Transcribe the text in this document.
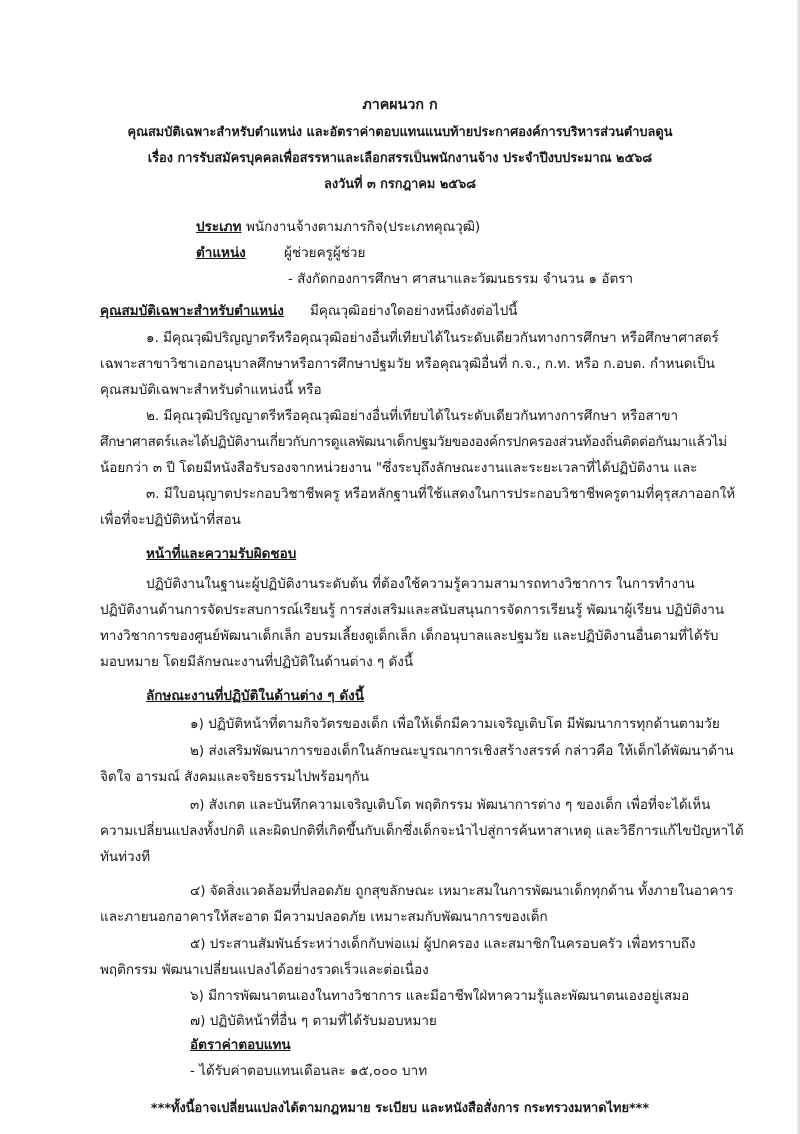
ภาคผนวก ก
คุณสมบัติเฉพาะสำหรับตำแหน่ง และอัตราค่าตอบแทนแนบท้ายประกาศองค์การบริหารส่วนตำบลดูน
เรื่อง การรับสมัครบุคคลเพื่อสรรหาและเลือกสรรเป็นพนักงานจ้าง ประจำปีงบประมาณ ๒๕๖๘
ลงวันที่ ๓ กรกฎาคม ๒๕๖๘
ประเภท พนักงานจ้างตามภารกิจ(ประเภทคุณวุฒิ)
ตำแหน่ง	ผู้ช่วยครูผู้ช่วย
- สังกัดกองการศึกษา ศาสนาและวัฒนธรรม จำนวน ๑ อัตรา
คุณสมบัติเฉพาะสำหรับตำแหน่ง มีคุณวุฒิอย่างใดอย่างหนึ่งดังต่อไปนี้
๑. มีคุณวุฒิปริญญาตรีหรือคุณวุฒิอย่างอื่นที่เทียบได้ในระดับเดียวกันทางการศึกษา หรือศึกษาศาสตร์
เฉพาะสาขาวิชาเอกอนุบาลศึกษาหรือการศึกษาปฐมวัย หรือคุณวุฒิอื่นที่ ก.จ., ก.ท. หรือ ก.อบต. กำหนดเป็น
คุณสมบัติเฉพาะสำหรับตำแหน่งนี้ หรือ
๒. มีคุณวุฒิปริญญาตรีหรือคุณวุฒิอย่างอื่นที่เทียบได้ในระดับเดียวกันทางการศึกษา หรือสาขา
ศึกษาศาสตร์และได้ปฏิบัติงานเกี่ยวกับการดูแลพัฒนาเด็กปฐมวัยขององค์กรปกครองส่วนท้องถิ่นติดต่อกันมาแล้วไม่
น้อยกว่า ๓ ปี โดยมีหนังสือรับรองจากหน่วยงาน "ซึ่งระบุถึงลักษณะงานและระยะเวลาที่ได้ปฏิบัติงาน และ
๓. มีใบอนุญาตประกอบวิชาชีพครู หรือหลักฐานที่ใช้แสดงในการประกอบวิชาชีพครูตามที่คุรุสภาออกให้
เพื่อที่จะปฏิบัติหน้าที่สอน
หน้าที่และความรับผิดชอบ
ปฏิบัติงานในฐานะผู้ปฏิบัติงานระดับต้น ที่ต้องใช้ความรู้ความสามารถทางวิชาการ ในการทำงาน
ปฏิบัติงานด้านการจัดประสบการณ์เรียนรู้ การส่งเสริมและสนับสนุนการจัดการเรียนรู้ พัฒนาผู้เรียน ปฏิบัติงาน
ทางวิชาการของศูนย์พัฒนาเด็กเล็ก อบรมเลี้ยงดูเด็กเล็ก เด็กอนุบาลและปฐมวัย และปฏิบัติงานอื่นตามที่ได้รับ
มอบหมาย โดยมีลักษณะงานที่ปฏิบัติในด้านต่าง ๆ ดังนี้
ลักษณะงานที่ปฏิบัติในด้านต่าง ๆ ดังนี้
๑) ปฏิบัติหน้าที่ตามกิจวัตรของเด็ก เพื่อให้เด็กมีความเจริญเติบโต มีพัฒนาการทุกด้านตามวัย
๒) ส่งเสริมพัฒนาการของเด็กในลักษณะบูรณาการเชิงสร้างสรรค์ กล่าวคือ ให้เด็กได้พัฒนาด้าน
จิตใจ อารมณ์ สังคมและจริยธรรมไปพร้อมๆกัน
๓) สังเกต และบันทึกความเจริญเติบโต พฤติกรรม พัฒนาการต่าง ๆ ของเด็ก เพื่อที่จะได้เห็น
ความเปลี่ยนแปลงทั้งปกติ และผิดปกติที่เกิดขึ้นกับเด็กซึ่งเด็กจะนำไปสู่การค้นหาสาเหตุ และวิธีการแก้ไขปัญหาได้
ทันท่วงที
๔) จัดสิ่งแวดล้อมที่ปลอดภัย ถูกสุขลักษณะ เหมาะสมในการพัฒนาเด็กทุกด้าน ทั้งภายในอาคาร
และภายนอกอาคารให้สะอาด มีความปลอดภัย เหมาะสมกับพัฒนาการของเด็ก
๕) ประสานสัมพันธ์ระหว่างเด็กกับพ่อแม่ ผู้ปกครอง และสมาชิกในครอบครัว เพื่อทราบถึง
พฤติกรรม พัฒนาเปลี่ยนแปลงได้อย่างรวดเร็วและต่อเนื่อง
๖) มีการพัฒนาตนเองในทางวิชาการ และมีอาชีพใฝ่หาความรู้และพัฒนาตนเองอยู่เสมอ
๗) ปฏิบัติหน้าที่อื่น ๆ ตามที่ได้รับมอบหมาย
อัตราค่าตอบแทน
- ได้รับค่าตอบแทนเดือนละ ๑๕,๐๐๐ บาท
***ทั้งนี้อาจเปลี่ยนแปลงได้ตามกฎหมาย ระเบียบ และหนังสือสั่งการ กระทรวงมหาดไทย***
